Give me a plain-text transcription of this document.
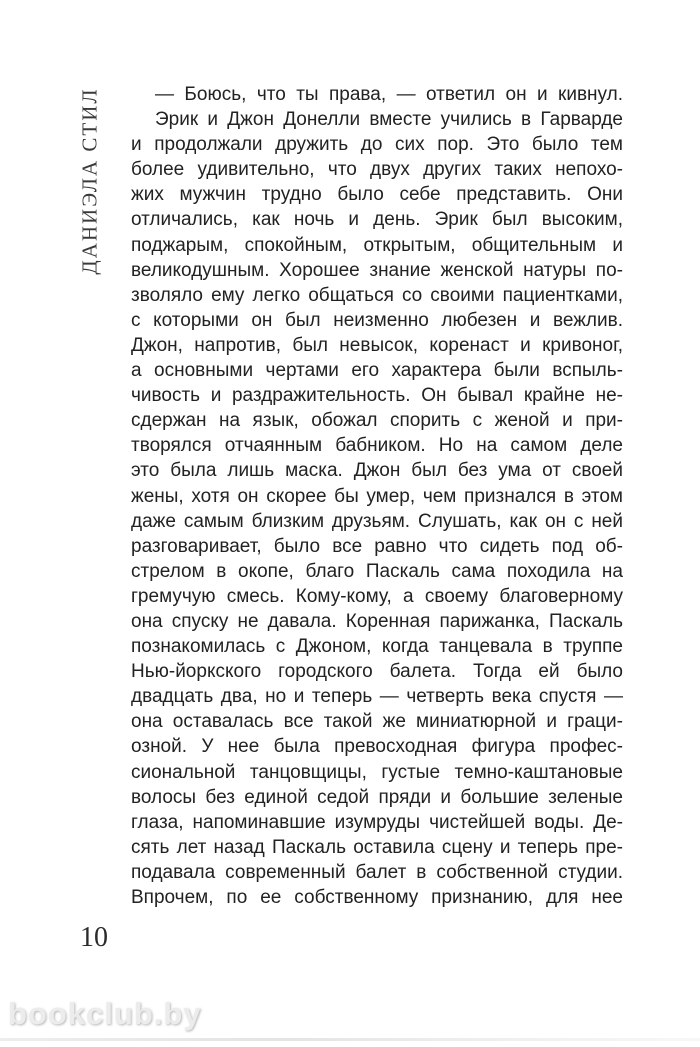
ДАНИЭЛА СТИЛ	— Боюсь, что ты права, — ответил он и кивнул.
Эрик и Джон Донелли вместе учились в Гарварде
и продолжали дружить до сих пор. Это было тем
более удивительно, что двух других таких непохо-
жих мужчин трудно было себе представить. Они
отличались, как ночь и день. Эрик был высоким,
поджарым, спокойным, открытым, общительным и
великодушным. Хорошее знание женской натуры по-
зволяло ему легко общаться со своими пациентками,
с которыми он был неизменно любезен и вежлив.
Джон, напротив, был невысок, коренаст и кривоног,
а основными чертами его характера были вспыль-
чивость и раздражительность. Он бывал крайне не-
сдержан на язык, обожал спорить с женой и при-
творялся отчаянным бабником. Но на самом деле
это была лишь маска. Джон был без ума от своей
жены, хотя он скорее бы умер, чем признался в этом
даже самым близким друзьям. Слушать, как он с ней
разговаривает, было все равно что сидеть под об-
стрелом в окопе, благо Паскаль сама походила на
гремучую смесь. Кому-кому, а своему благоверному
она спуску не давала. Коренная парижанка, Паскаль
познакомилась с Джоном, когда танцевала в труппе
Нью-йоркского городского балета. Тогда ей было
двадцать два, но и теперь — четверть века спустя —
она оставалась все такой же миниатюрной и граци-
озной. У нее была превосходная фигура профес-
сиональной танцовщицы, густые темно-каштановые
волосы без единой седой пряди и большие зеленые
глаза, напоминавшие изумруды чистейшей воды. Де-
сять лет назад Паскаль оставила сцену и теперь пре-
подавала современный балет в собственной студии.
Впрочем, по ее собственному признанию, для нее
10
bookclub.by
